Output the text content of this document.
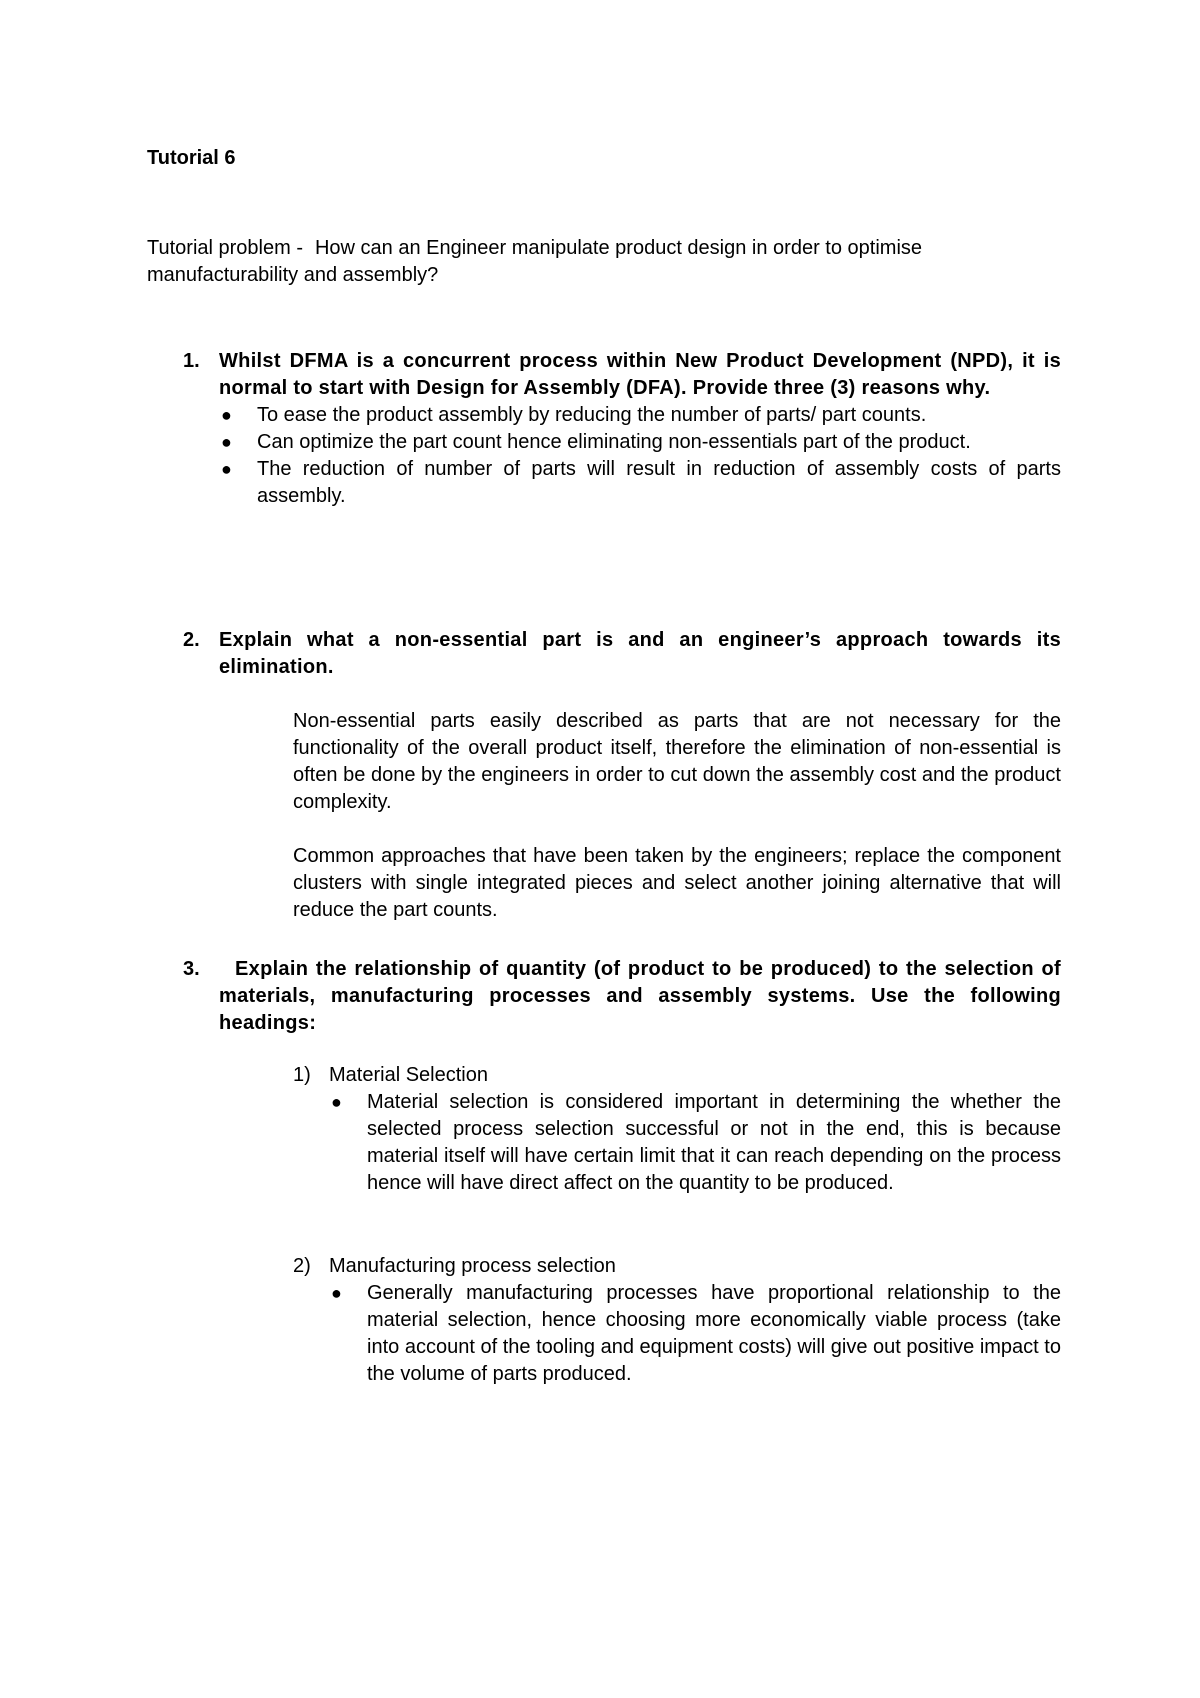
Tutorial 6
Tutorial problem - How can an Engineer manipulate product design in order to optimise manufacturability and assembly?
1. Whilst DFMA is a concurrent process within New Product Development (NPD), it is normal to start with Design for Assembly (DFA). Provide three (3) reasons why.
● To ease the product assembly by reducing the number of parts/ part counts.
● Can optimize the part count hence eliminating non-essentials part of the product.
● The reduction of number of parts will result in reduction of assembly costs of parts assembly.
2. Explain what a non-essential part is and an engineer’s approach towards its elimination.
Non-essential parts easily described as parts that are not necessary for the functionality of the overall product itself, therefore the elimination of non-essential is often be done by the engineers in order to cut down the assembly cost and the product complexity.
Common approaches that have been taken by the engineers; replace the component clusters with single integrated pieces and select another joining alternative that will reduce the part counts.
3.	Explain the relationship of quantity (of product to be produced) to the selection of materials, manufacturing processes and assembly systems. Use the following headings:
1) Material Selection
● Material selection is considered important in determining the whether the selected process selection successful or not in the end, this is because material itself will have certain limit that it can reach depending on the process hence will have direct affect on the quantity to be produced.
2) Manufacturing process selection
● Generally manufacturing processes have proportional relationship to the material selection, hence choosing more economically viable process (take into account of the tooling and equipment costs) will give out positive impact to the volume of parts produced.
